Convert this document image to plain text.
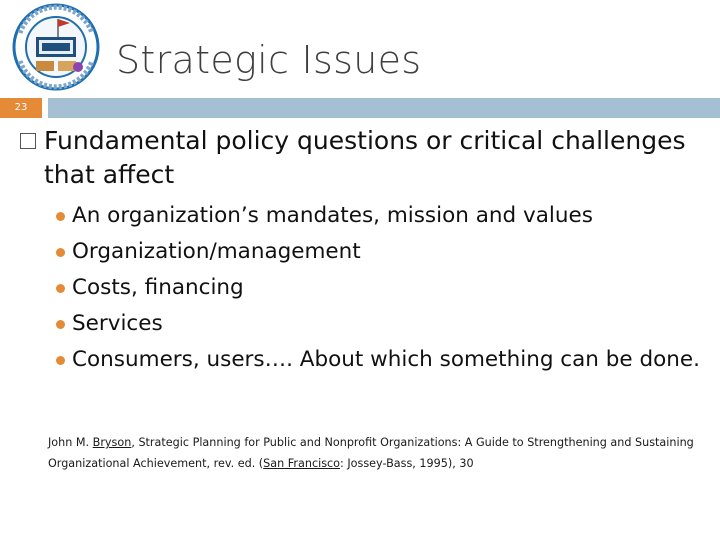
Strategic Issues
23
Fundamental policy questions or critical challenges that affect
An organization’s mandates, mission and values
Organization/management
Costs, financing
Services
Consumers, users…. About which something can be done.
John M. Bryson, Strategic Planning for Public and Nonprofit Organizations: A Guide to Strengthening and Sustaining Organizational Achievement, rev. ed. (San Francisco: Jossey-Bass, 1995), 30
